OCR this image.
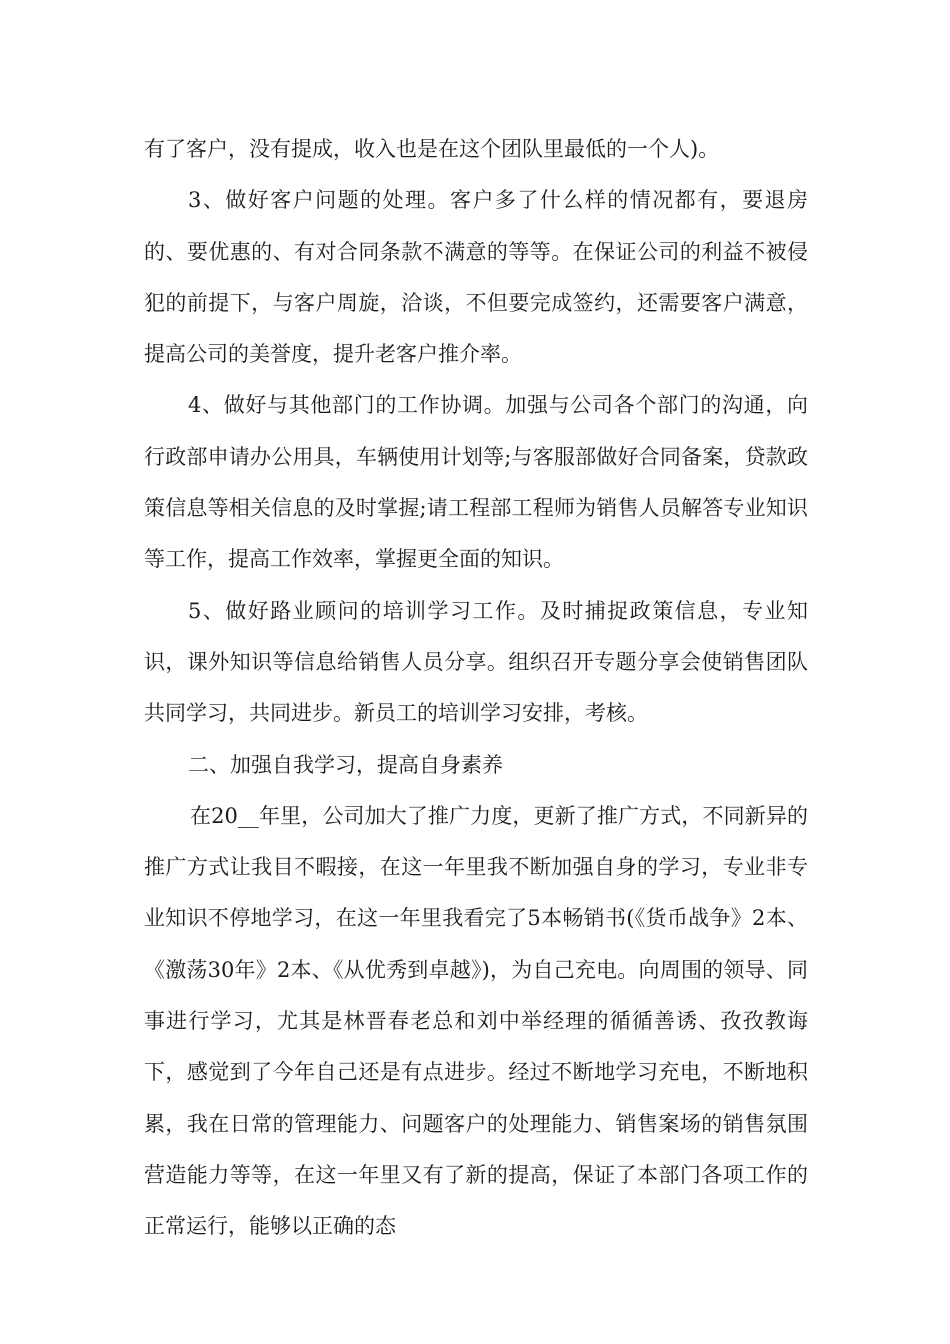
有了客户，没有提成，收入也是在这个团队里最低的一个人)。

3、做好客户问题的处理。客户多了什么样的情况都有，要退房的、要优惠的、有对合同条款不满意的等等。在保证公司的利益不被侵犯的前提下，与客户周旋，洽谈，不但要完成签约，还需要客户满意，提高公司的美誉度，提升老客户推介率。

4、做好与其他部门的工作协调。加强与公司各个部门的沟通，向行政部申请办公用具，车辆使用计划等;与客服部做好合同备案，贷款政策信息等相关信息的及时掌握;请工程部工程师为销售人员解答专业知识等工作，提高工作效率，掌握更全面的知识。

5、做好路业顾问的培训学习工作。及时捕捉政策信息，专业知识，课外知识等信息给销售人员分享。组织召开专题分享会使销售团队共同学习，共同进步。新员工的培训学习安排，考核。

二、加强自我学习，提高自身素养

在20__年里，公司加大了推广力度，更新了推广方式，不同新异的推广方式让我目不暇接，在这一年里我不断加强自身的学习，专业非专业知识不停地学习，在这一年里我看完了5本畅销书(《货币战争》2本、《激荡30年》2本、《从优秀到卓越》)，为自己充电。向周围的领导、同事进行学习，尤其是林晋春老总和刘中举经理的循循善诱、孜孜教诲下，感觉到了今年自己还是有点进步。经过不断地学习充电，不断地积累，我在日常的管理能力、问题客户的处理能力、销售案场的销售氛围营造能力等等，在这一年里又有了新的提高，保证了本部门各项工作的正常运行，能够以正确的态
